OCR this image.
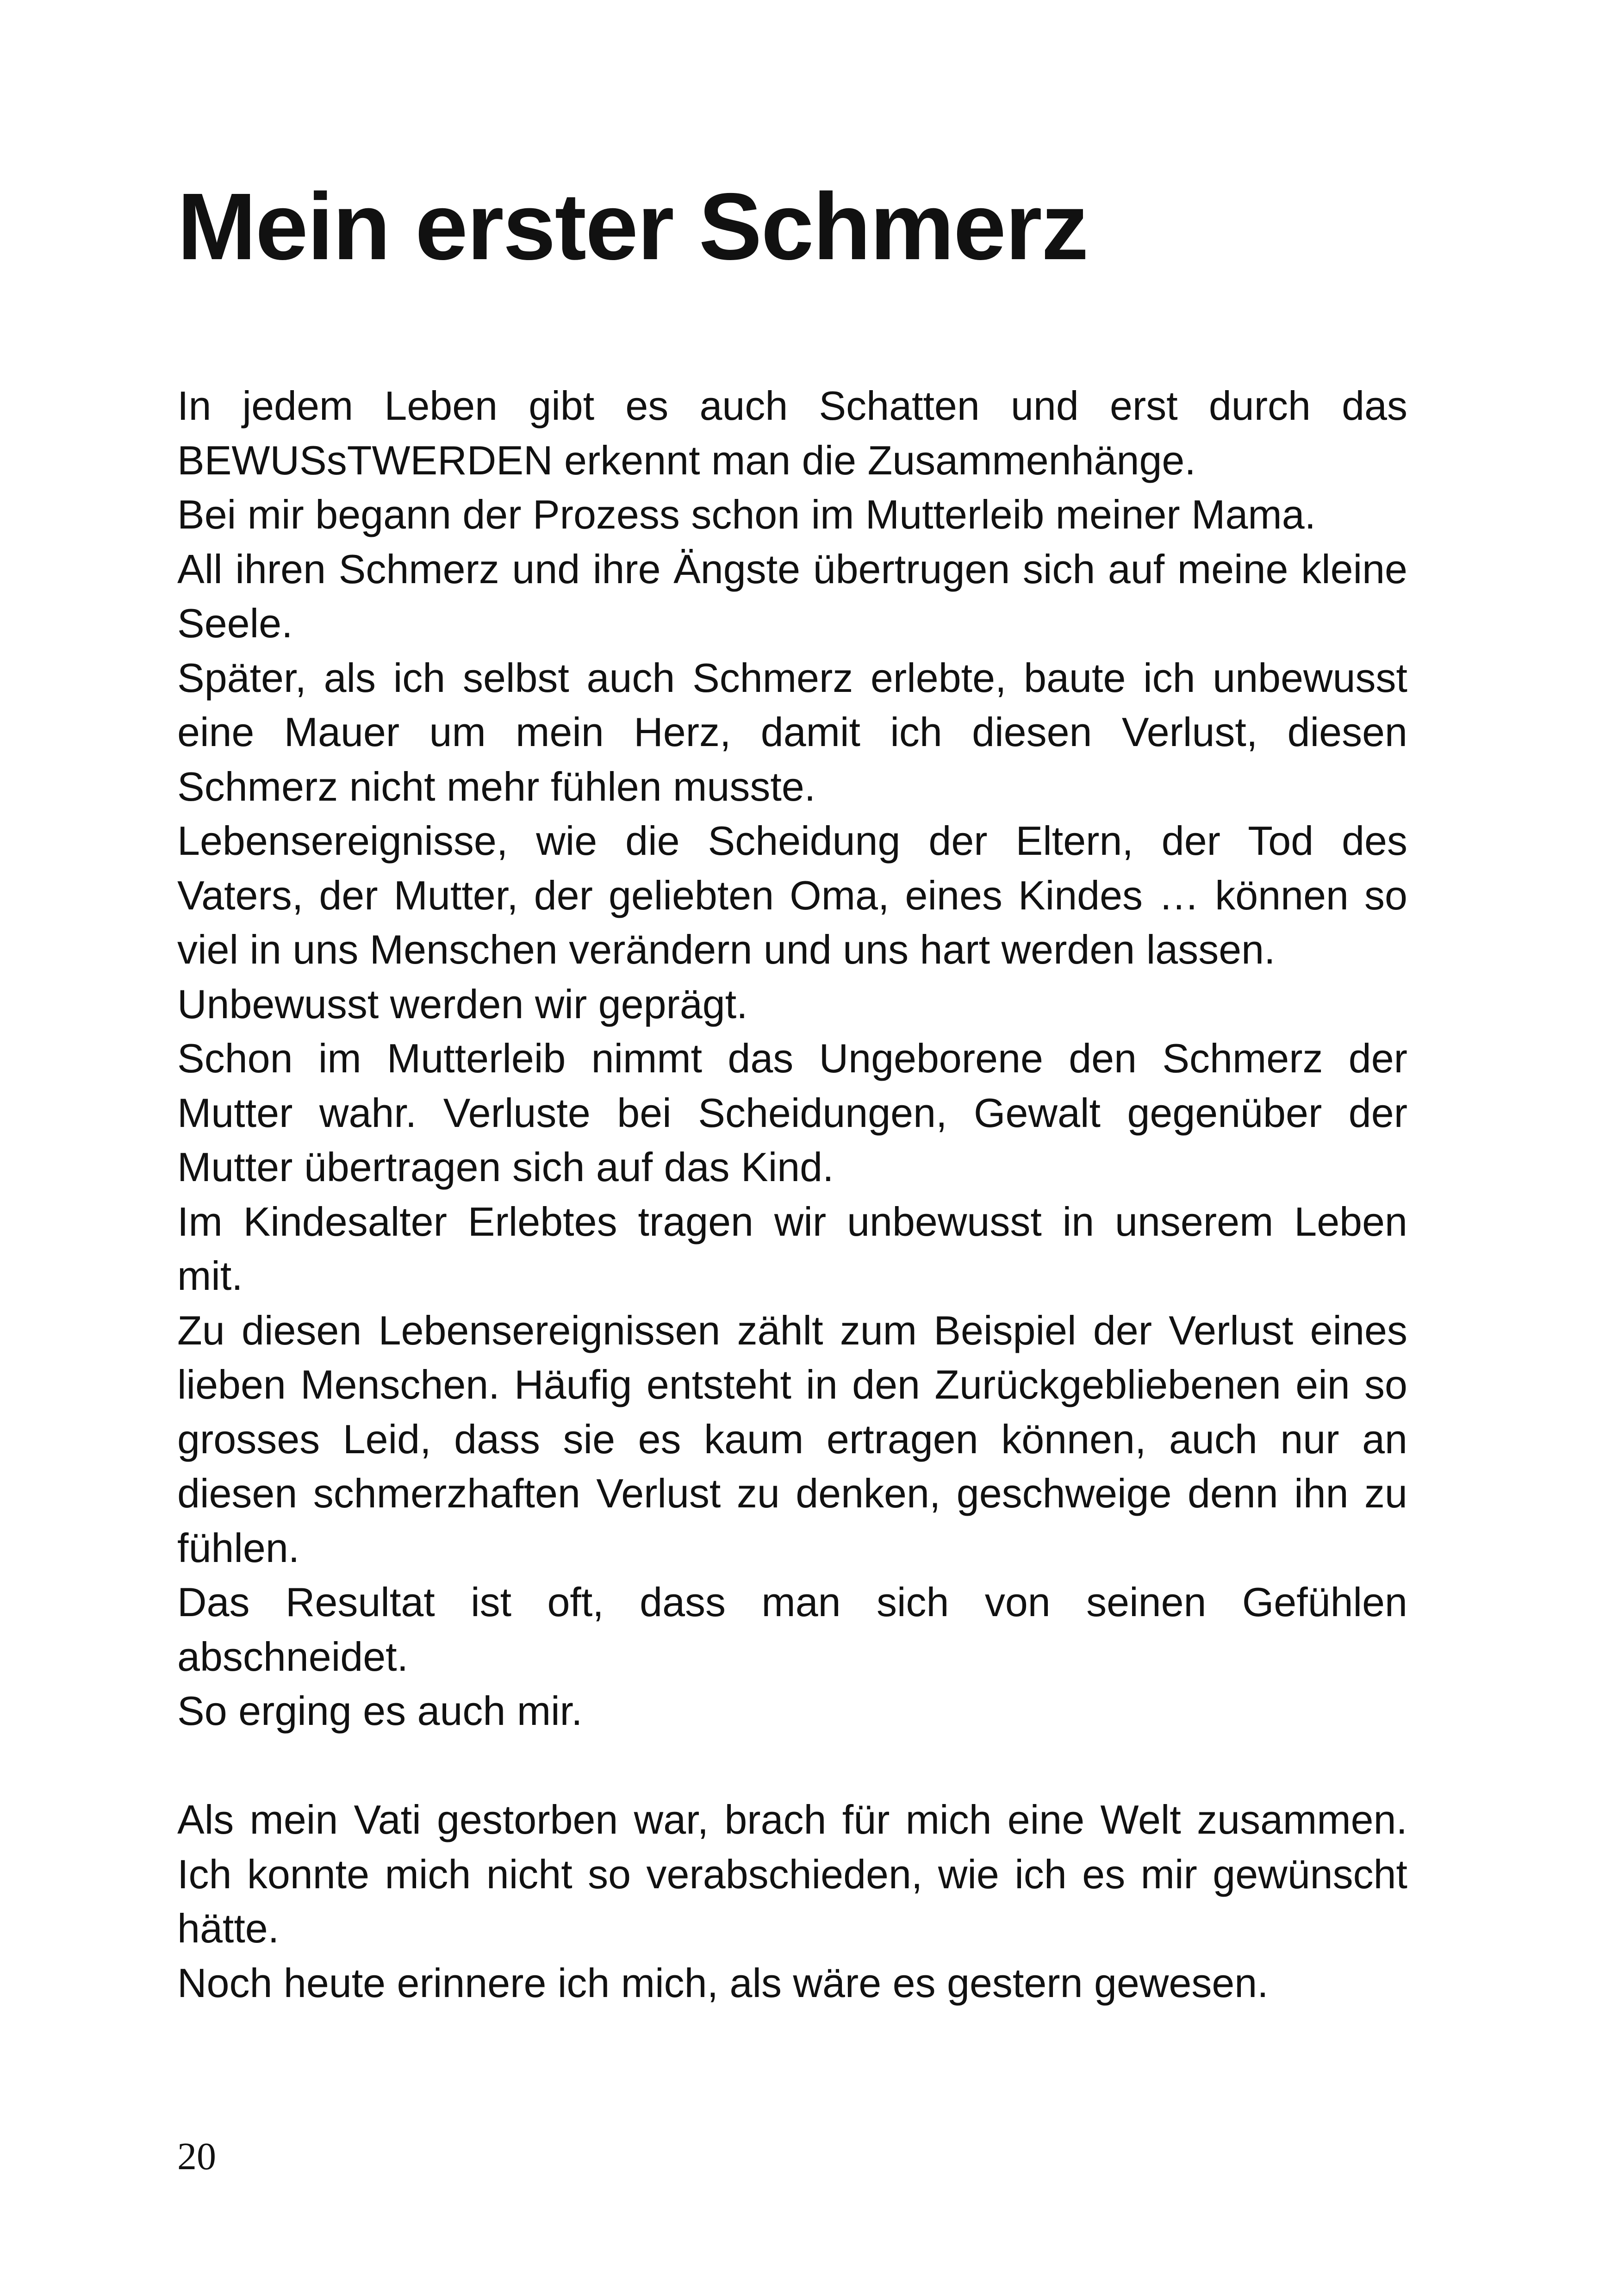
Mein erster Schmerz

In jedem Leben gibt es auch Schatten und erst durch das BEWUSsTWERDEN erkennt man die Zusammenhänge.

Bei mir begann der Prozess schon im Mutterleib meiner Mama.

All ihren Schmerz und ihre Ängste übertrugen sich auf meine kleine Seele.

Später, als ich selbst auch Schmerz erlebte, baute ich unbewusst eine Mauer um mein Herz, damit ich diesen Verlust, diesen Schmerz nicht mehr fühlen musste.

Lebensereignisse, wie die Scheidung der Eltern, der Tod des Vaters, der Mutter, der geliebten Oma, eines Kindes … können so viel in uns Menschen verändern und uns hart werden lassen.

Unbewusst werden wir geprägt.

Schon im Mutterleib nimmt das Ungeborene den Schmerz der Mutter wahr. Verluste bei Scheidungen, Gewalt gegenüber der Mutter übertragen sich auf das Kind.

Im Kindesalter Erlebtes tragen wir unbewusst in unserem Leben mit.

Zu diesen Lebensereignissen zählt zum Beispiel der Verlust eines lieben Menschen. Häufig entsteht in den Zurückgebliebenen ein so grosses Leid, dass sie es kaum ertragen können, auch nur an diesen schmerzhaften Verlust zu denken, geschweige denn ihn zu fühlen.

Das Resultat ist oft, dass man sich von seinen Gefühlen abschneidet.

So erging es auch mir.

Als mein Vati gestorben war, brach für mich eine Welt zusammen. Ich konnte mich nicht so verabschieden, wie ich es mir gewünscht hätte.

Noch heute erinnere ich mich, als wäre es gestern gewesen.

20
